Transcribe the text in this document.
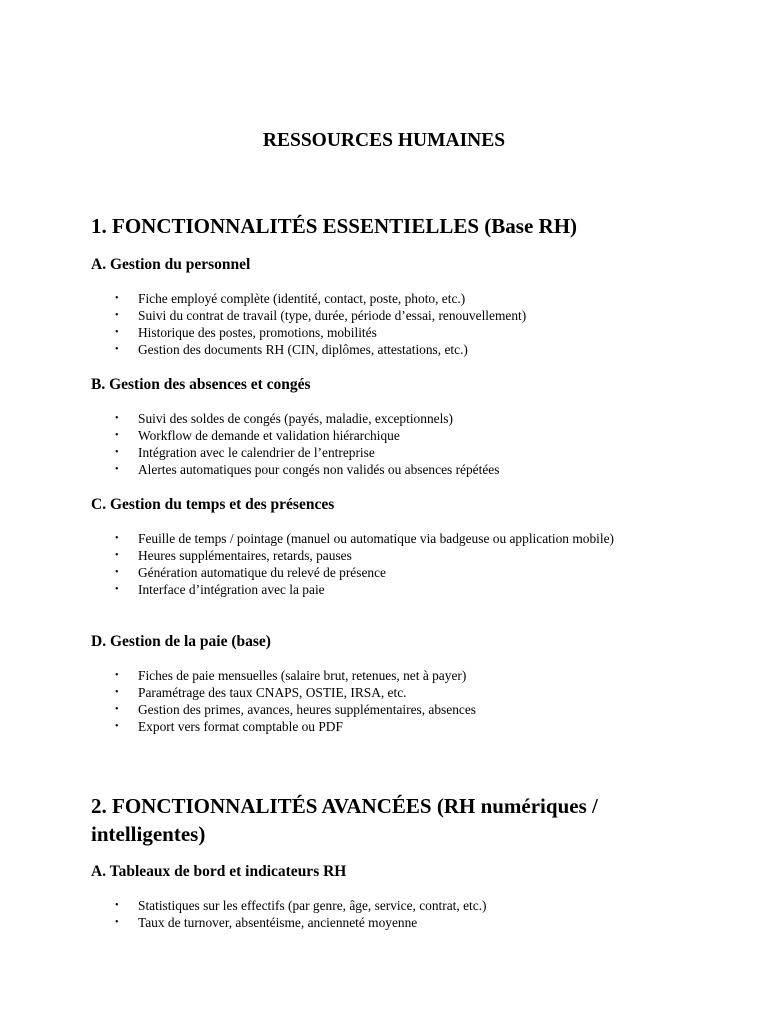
RESSOURCES HUMAINES
1. FONCTIONNALITÉS ESSENTIELLES (Base RH)
A. Gestion du personnel
• Fiche employé complète (identité, contact, poste, photo, etc.)
• Suivi du contrat de travail (type, durée, période d’essai, renouvellement)
• Historique des postes, promotions, mobilités
• Gestion des documents RH (CIN, diplômes, attestations, etc.)
B. Gestion des absences et congés
• Suivi des soldes de congés (payés, maladie, exceptionnels)
• Workflow de demande et validation hiérarchique
• Intégration avec le calendrier de l’entreprise
• Alertes automatiques pour congés non validés ou absences répétées
C. Gestion du temps et des présences
• Feuille de temps / pointage (manuel ou automatique via badgeuse ou application mobile)
• Heures supplémentaires, retards, pauses
• Génération automatique du relevé de présence
• Interface d’intégration avec la paie
D. Gestion de la paie (base)
• Fiches de paie mensuelles (salaire brut, retenues, net à payer)
• Paramétrage des taux CNAPS, OSTIE, IRSA, etc.
• Gestion des primes, avances, heures supplémentaires, absences
• Export vers format comptable ou PDF
2. FONCTIONNALITÉS AVANCÉES (RH numériques / intelligentes)
A. Tableaux de bord et indicateurs RH
• Statistiques sur les effectifs (par genre, âge, service, contrat, etc.)
• Taux de turnover, absentéisme, ancienneté moyenne
